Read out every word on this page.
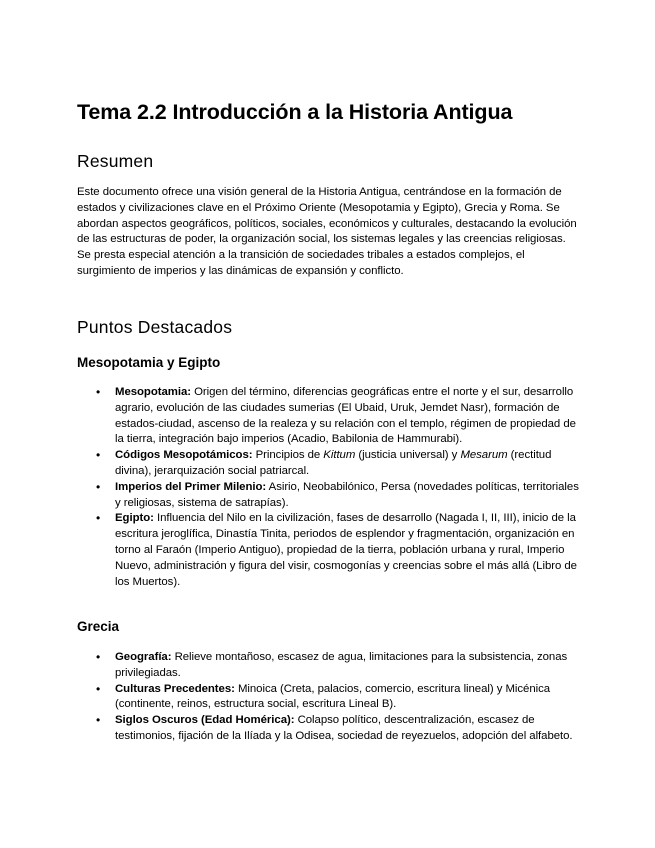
Tema 2.2 Introducción a la Historia Antigua
Resumen

Este documento ofrece una visión general de la Historia Antigua, centrándose en la formación de estados y civilizaciones clave en el Próximo Oriente (Mesopotamia y Egipto), Grecia y Roma. Se abordan aspectos geográficos, políticos, sociales, económicos y culturales, destacando la evolución de las estructuras de poder, la organización social, los sistemas legales y las creencias religiosas. Se presta especial atención a la transición de sociedades tribales a estados complejos, el surgimiento de imperios y las dinámicas de expansión y conflicto.

Puntos Destacados
Mesopotamia y Egipto
• Mesopotamia: Origen del término, diferencias geográficas entre el norte y el sur, desarrollo agrario, evolución de las ciudades sumerias (El Ubaid, Uruk, Jemdet Nasr), formación de estados-ciudad, ascenso de la realeza y su relación con el templo, régimen de propiedad de la tierra, integración bajo imperios (Acadio, Babilonia de Hammurabi).
• Códigos Mesopotámicos: Principios de Kittum (justicia universal) y Mesarum (rectitud divina), jerarquización social patriarcal.
• Imperios del Primer Milenio: Asirio, Neobabilónico, Persa (novedades políticas, territoriales y religiosas, sistema de satrapías).
• Egipto: Influencia del Nilo en la civilización, fases de desarrollo (Nagada I, II, III), inicio de la escritura jeroglífica, Dinastía Tinita, periodos de esplendor y fragmentación, organización en torno al Faraón (Imperio Antiguo), propiedad de la tierra, población urbana y rural, Imperio Nuevo, administración y figura del visir, cosmogonías y creencias sobre el más allá (Libro de los Muertos).
Grecia
• Geografía: Relieve montañoso, escasez de agua, limitaciones para la subsistencia, zonas privilegiadas.
• Culturas Precedentes: Minoica (Creta, palacios, comercio, escritura lineal) y Micénica (continente, reinos, estructura social, escritura Lineal B).
• Siglos Oscuros (Edad Homérica): Colapso político, descentralización, escasez de testimonios, fijación de la Ilíada y la Odisea, sociedad de reyezuelos, adopción del alfabeto.
